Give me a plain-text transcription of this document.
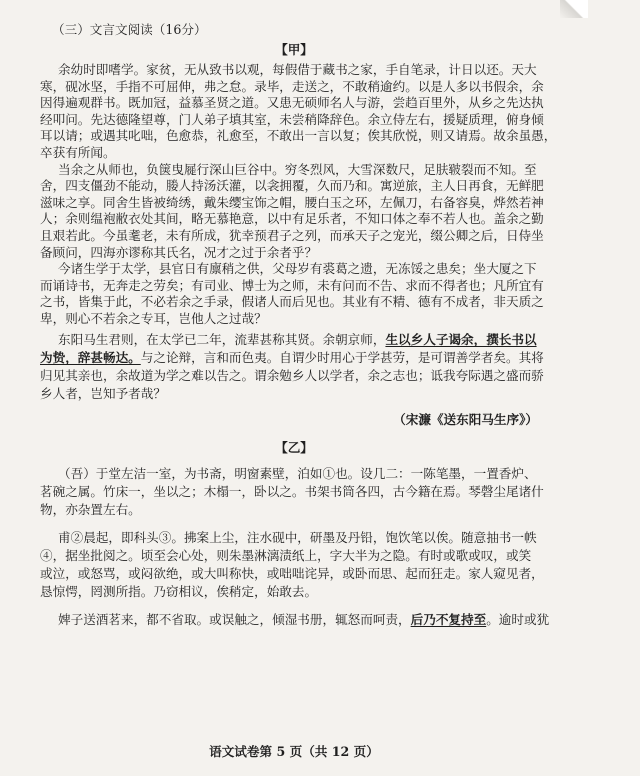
（三）文言文阅读（16分）
【甲】
余幼时即嗜学。家贫，无从致书以观，每假借于藏书之家，手自笔录，计日以还。天大
寒，砚冰坚，手指不可屈伸，弗之怠。录毕，走送之，不敢稍逾约。以是人多以书假余，余
因得遍观群书。既加冠，益慕圣贤之道。又患无硕师名人与游，尝趋百里外，从乡之先达执
经叩问。先达德隆望尊，门人弟子填其室，未尝稍降辞色。余立侍左右，援疑质理，俯身倾
耳以请；或遇其叱咄，色愈恭，礼愈至，不敢出一言以复；俟其欣悦，则又请焉。故余虽愚，
卒获有所闻。
当余之从师也，负箧曳屣行深山巨谷中。穷冬烈风，大雪深数尺，足肤皲裂而不知。至
舍，四支僵劲不能动，媵人持汤沃灌，以衾拥覆，久而乃和。寓逆旅，主人日再食，无鲜肥
滋味之享。同舍生皆被绮绣，戴朱缨宝饰之帽，腰白玉之环，左佩刀，右备容臭，烨然若神
人；余则缊袍敝衣处其间，略无慕艳意，以中有足乐者，不知口体之奉不若人也。盖余之勤
且艰若此。今虽耄老，未有所成，犹幸预君子之列，而承天子之宠光，缀公卿之后，日侍坐
备顾问，四海亦谬称其氏名，况才之过于余者乎？
今诸生学于太学，县官日有廪稍之供，父母岁有裘葛之遗，无冻馁之患矣；坐大厦之下
而诵诗书，无奔走之劳矣；有司业、博士为之师，未有问而不告、求而不得者也；凡所宜有
之书，皆集于此，不必若余之手录，假诸人而后见也。其业有不精、德有不成者，非天质之
卑，则心不若余之专耳，岂他人之过哉？
东阳马生君则，在太学已二年，流辈甚称其贤。余朝京师，生以乡人子谒余，撰长书以
为贽，辞甚畅达。与之论辩，言和而色夷。自谓少时用心于学甚劳，是可谓善学者矣。其将
归见其亲也，余故道为学之难以告之。谓余勉乡人以学者，余之志也；诋我夸际遇之盛而骄
乡人者，岂知予者哉？
（宋濂《送东阳马生序》）
【乙】
（吾）于堂左洁一室，为书斋，明窗素壁，泊如①也。设几二：一陈笔墨，一置香炉、
茗碗之属。竹床一，坐以之；木榻一，卧以之。书架书筒各四，古今籍在焉。琴磬尘尾诸什
物，亦杂置左右。
甫②晨起，即科头③。拂案上尘，注水砚中，研墨及丹铅，饱饮笔以俟。随意抽书一帙
④，据坐批阅之。顷至会心处，则朱墨淋漓渍纸上，字大半为之隐。有时或歌或叹，或笑
或泣，或怒骂，或闷欲绝，或大叫称快，或咄咄诧异，或卧而思、起而狂走。家人窥见者，
恳惊愕，罔测所指。乃窃相议，俟稍定，始敢去。
婢子送酒茗来，都不省取。或误触之，倾湿书册，辄怒而呵责，后乃不复持至。逾时或犹
语文试卷第 5 页（共 12 页）
